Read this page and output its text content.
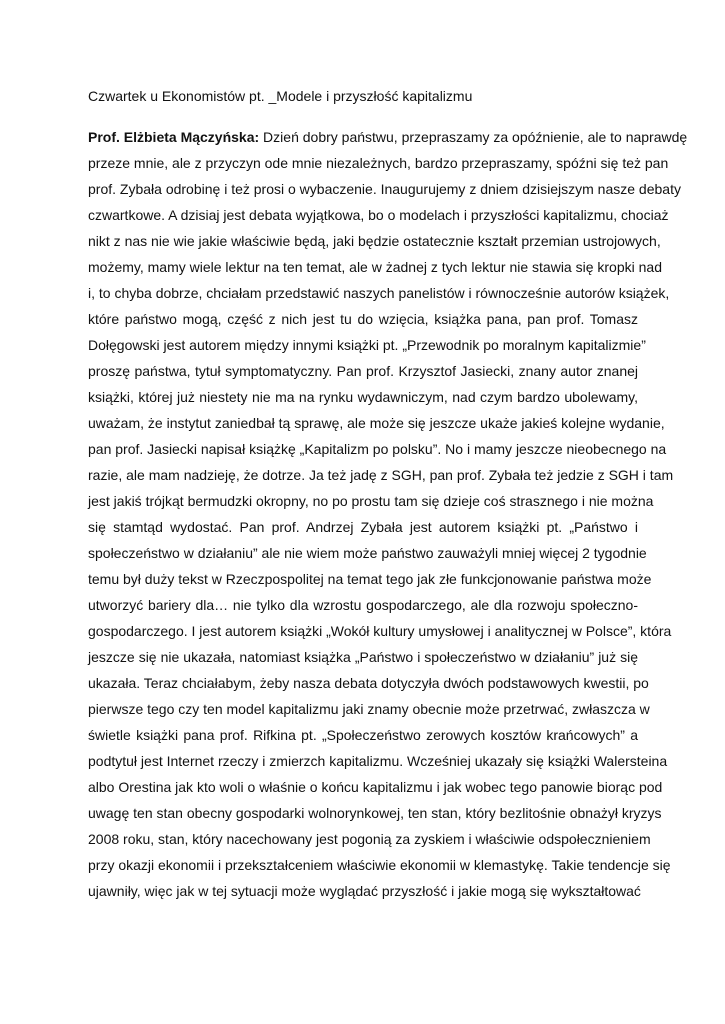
Czwartek u Ekonomistów pt. _Modele i przyszłość kapitalizmu
Prof. Elżbieta Mączyńska: Dzień dobry państwu, przepraszamy za opóźnienie, ale to naprawdę
przeze mnie, ale z przyczyn ode mnie niezależnych, bardzo przepraszamy, spóźni się też pan
prof. Zybała odrobinę i też prosi o wybaczenie. Inaugurujemy z dniem dzisiejszym nasze debaty
czwartkowe. A dzisiaj jest debata wyjątkowa, bo o modelach i przyszłości kapitalizmu, chociaż
nikt z nas nie wie jakie właściwie będą, jaki będzie ostatecznie kształt przemian ustrojowych,
możemy, mamy wiele lektur na ten temat, ale w żadnej z tych lektur nie stawia się kropki nad
i, to chyba dobrze, chciałam przedstawić naszych panelistów i równocześnie autorów książek,
które państwo mogą, część z nich jest tu do wzięcia, książka pana, pan prof. Tomasz
Dołęgowski jest autorem między innymi książki pt. „Przewodnik po moralnym kapitalizmie”
proszę państwa, tytuł symptomatyczny. Pan prof. Krzysztof Jasiecki, znany autor znanej
książki, której już niestety nie ma na rynku wydawniczym, nad czym bardzo ubolewamy,
uważam, że instytut zaniedbał tą sprawę, ale może się jeszcze ukaże jakieś kolejne wydanie,
pan prof. Jasiecki napisał książkę „Kapitalizm po polsku”. No i mamy jeszcze nieobecnego na
razie, ale mam nadzieję, że dotrze. Ja też jadę z SGH, pan prof. Zybała też jedzie z SGH i tam
jest jakiś trójkąt bermudzki okropny, no po prostu tam się dzieje coś strasznego i nie można
się stamtąd wydostać. Pan prof. Andrzej Zybała jest autorem książki pt. „Państwo i
społeczeństwo w działaniu” ale nie wiem może państwo zauważyli mniej więcej 2 tygodnie
temu był duży tekst w Rzeczpospolitej na temat tego jak złe funkcjonowanie państwa może
utworzyć bariery dla… nie tylko dla wzrostu gospodarczego, ale dla rozwoju społeczno-
gospodarczego. I jest autorem książki „Wokół kultury umysłowej i analitycznej w Polsce”, która
jeszcze się nie ukazała, natomiast książka „Państwo i społeczeństwo w działaniu” już się
ukazała. Teraz chciałabym, żeby nasza debata dotyczyła dwóch podstawowych kwestii, po
pierwsze tego czy ten model kapitalizmu jaki znamy obecnie może przetrwać, zwłaszcza w
świetle książki pana prof. Rifkina pt. „Społeczeństwo zerowych kosztów krańcowych” a
podtytuł jest Internet rzeczy i zmierzch kapitalizmu. Wcześniej ukazały się książki Walersteina
albo Orestina jak kto woli o właśnie o końcu kapitalizmu i jak wobec tego panowie biorąc pod
uwagę ten stan obecny gospodarki wolnorynkowej, ten stan, który bezlitośnie obnażył kryzys
2008 roku, stan, który nacechowany jest pogonią za zyskiem i właściwie odspołecznieniem
przy okazji ekonomii i przekształceniem właściwie ekonomii w klemastykę. Takie tendencje się
ujawniły, więc jak w tej sytuacji może wyglądać przyszłość i jakie mogą się wykształtować
